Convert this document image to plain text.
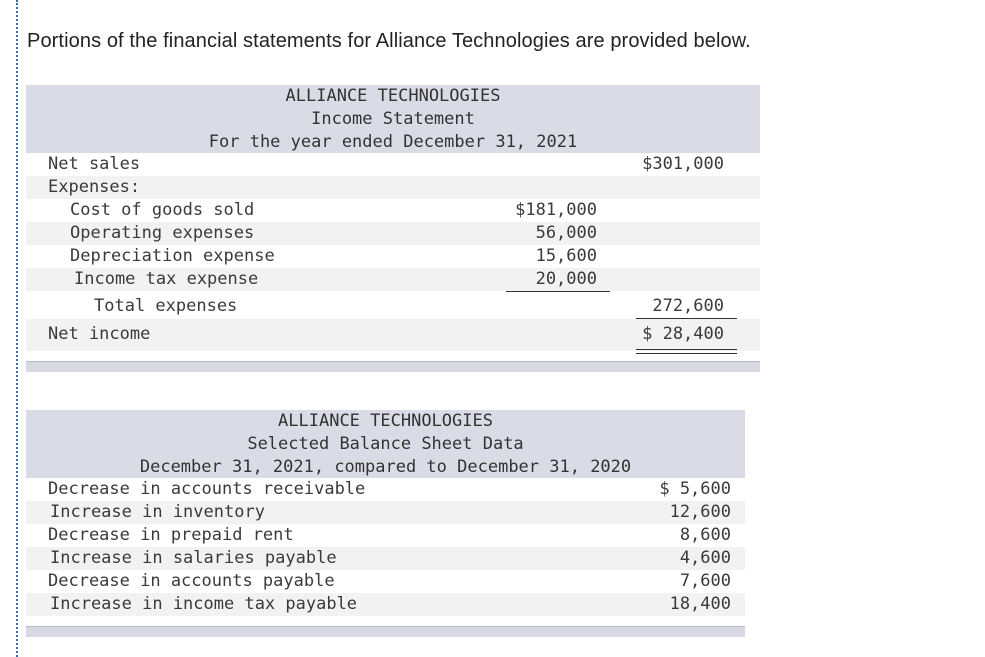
Portions of the financial statements for Alliance Technologies are provided below.
ALLIANCE TECHNOLOGIES
Income Statement
For the year ended December 31, 2021
Net sales	$301,000
Expenses:
Cost of goods sold	$181,000
Operating expenses	56,000
Depreciation expense	15,600
Income tax expense	20,000
Total expenses	272,600
Net income	$ 28,400
ALLIANCE TECHNOLOGIES
Selected Balance Sheet Data
December 31, 2021, compared to December 31, 2020
Decrease in accounts receivable	$ 5,600
Increase in inventory	12,600
Decrease in prepaid rent	8,600
Increase in salaries payable	4,600
Decrease in accounts payable	7,600
Increase in income tax payable	18,400
